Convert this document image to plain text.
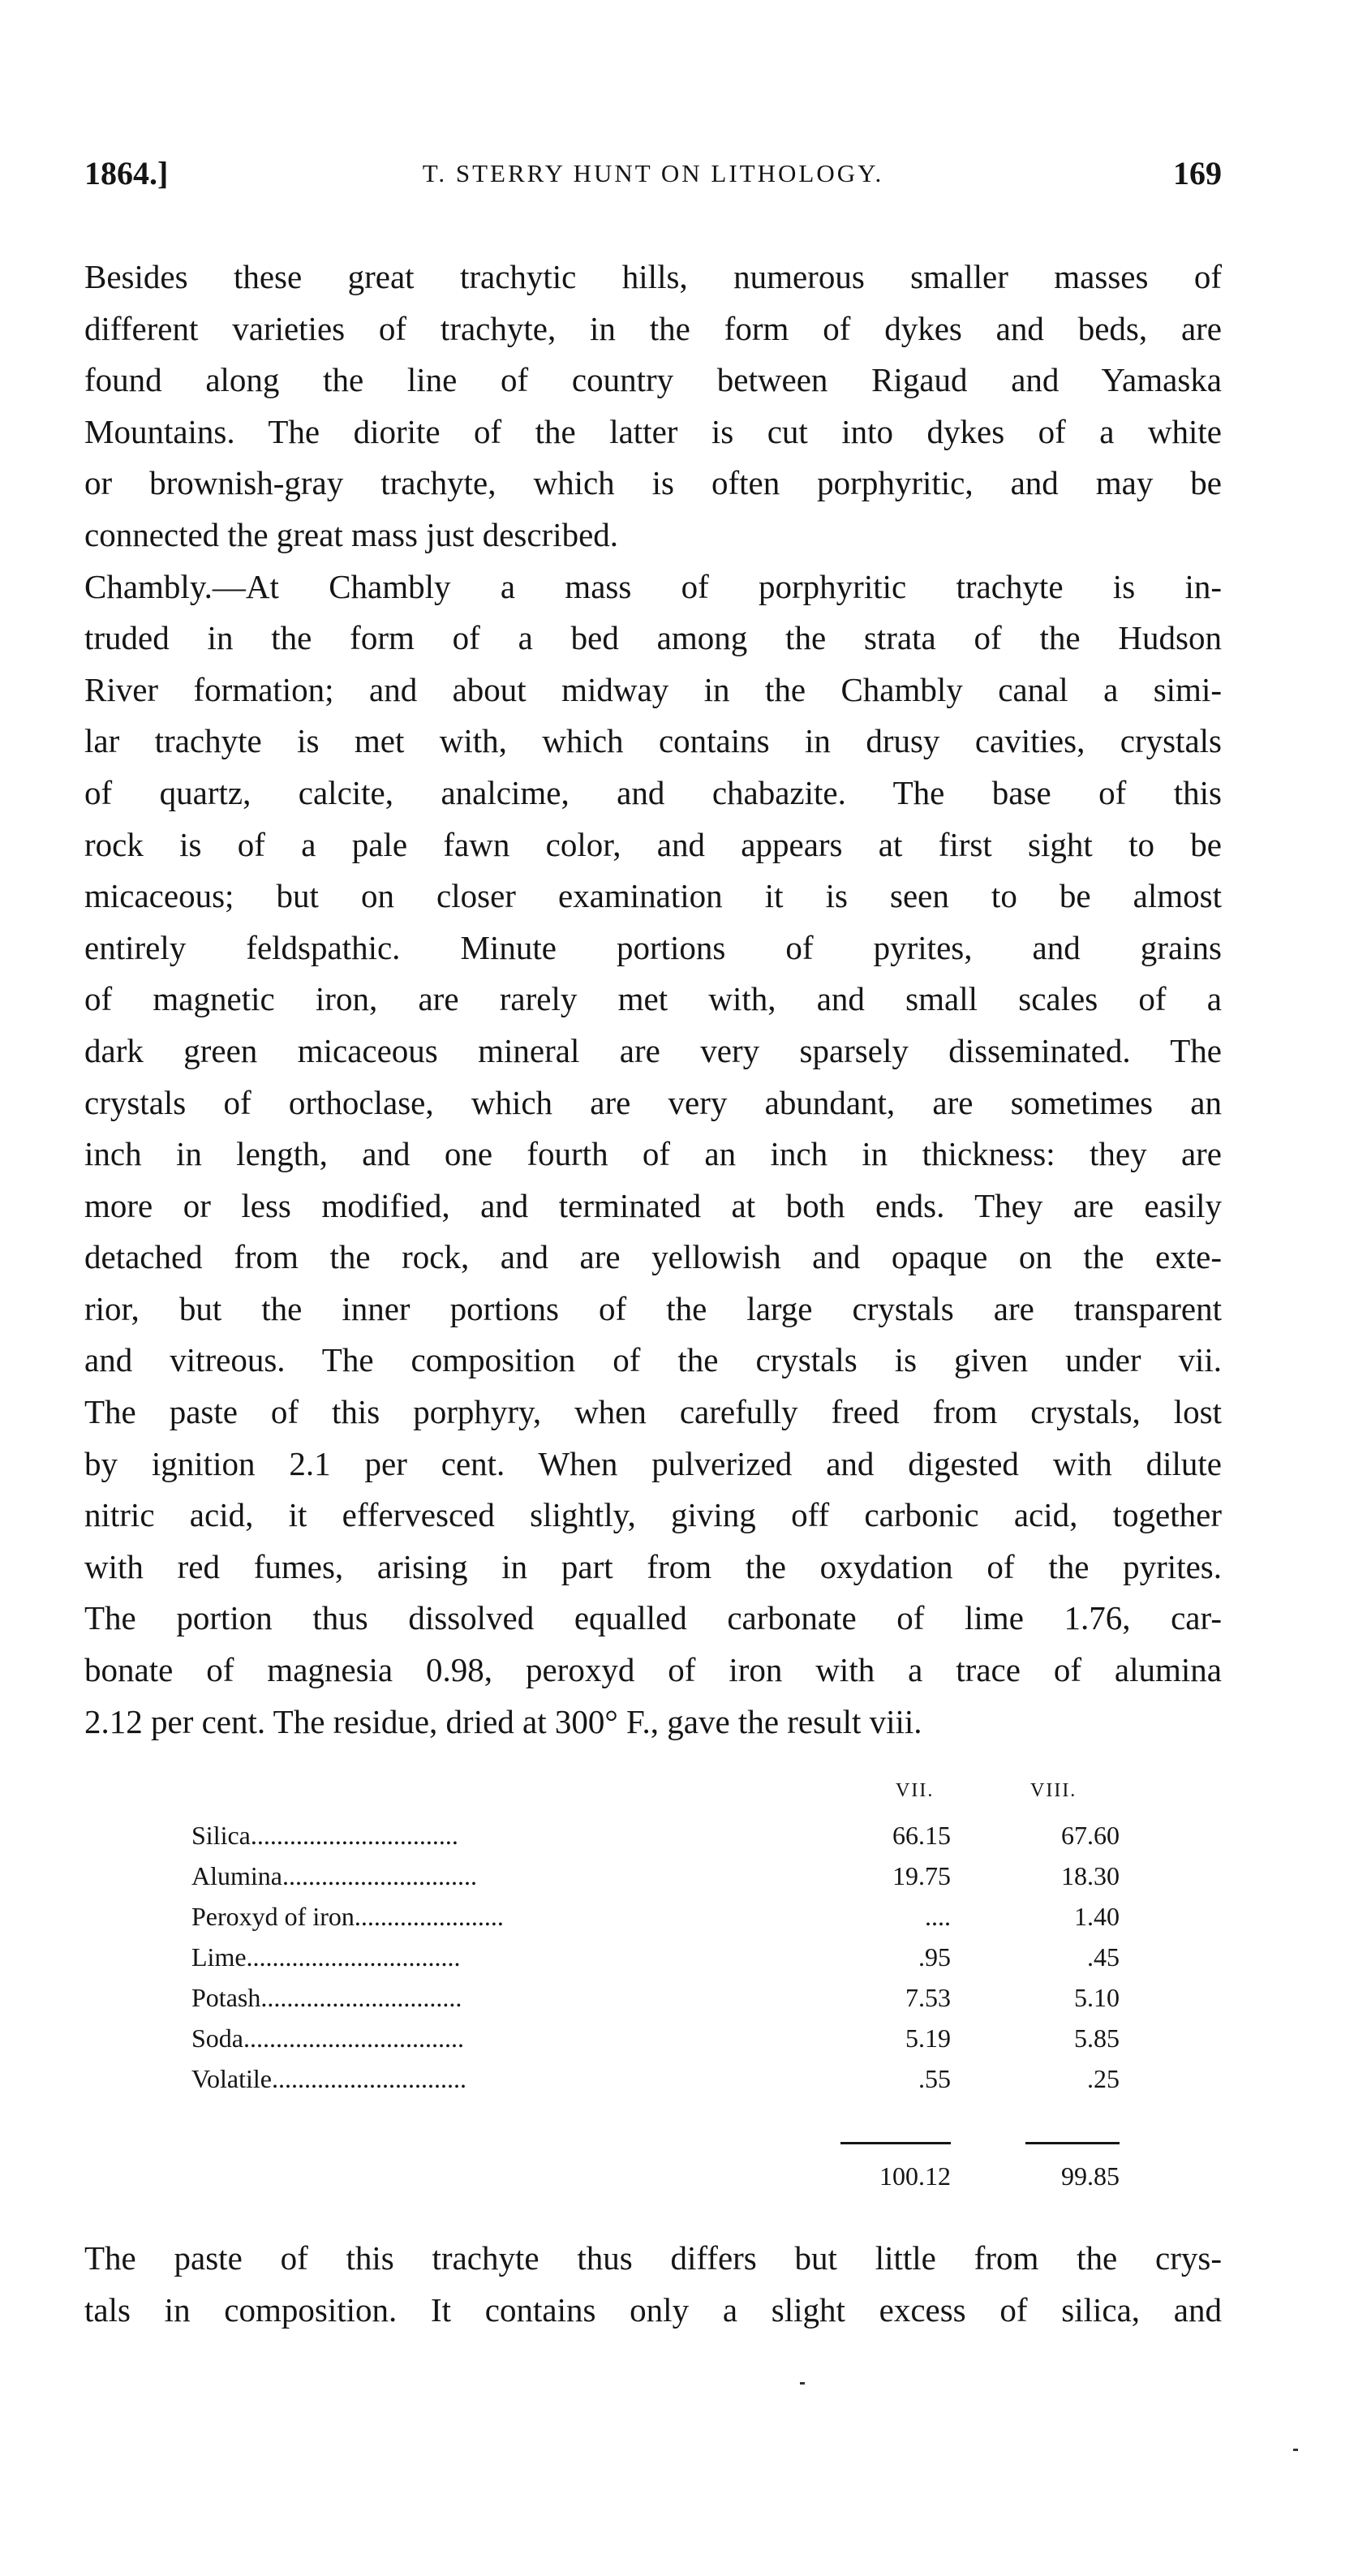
1864.]	T. STERRY HUNT ON LITHOLOGY.	169
Besides these great trachytic hills, numerous smaller masses of
different varieties of trachyte, in the form of dykes and beds, are
found along the line of country between Rigaud and Yamaska
Mountains. The diorite of the latter is cut into dykes of a white
or brownish-gray trachyte, which is often porphyritic, and may be
connected the great mass just described.
Chambly.—At Chambly a mass of porphyritic trachyte is in-
truded in the form of a bed among the strata of the Hudson
River formation; and about midway in the Chambly canal a simi-
lar trachyte is met with, which contains in drusy cavities, crystals
of quartz, calcite, analcime, and chabazite. The base of this
rock is of a pale fawn color, and appears at first sight to be
micaceous; but on closer examination it is seen to be almost
entirely feldspathic. Minute portions of pyrites, and grains
of magnetic iron, are rarely met with, and small scales of a
dark green micaceous mineral are very sparsely disseminated. The
crystals of orthoclase, which are very abundant, are sometimes an
inch in length, and one fourth of an inch in thickness: they are
more or less modified, and terminated at both ends. They are easily
detached from the rock, and are yellowish and opaque on the exte-
rior, but the inner portions of the large crystals are transparent
and vitreous. The composition of the crystals is given under vii.
The paste of this porphyry, when carefully freed from crystals, lost
by ignition 2.1 per cent. When pulverized and digested with dilute
nitric acid, it effervesced slightly, giving off carbonic acid, together
with red fumes, arising in part from the oxydation of the pyrites.
The portion thus dissolved equalled carbonate of lime 1.76, car-
bonate of magnesia 0.98, peroxyd of iron with a trace of alumina
2.12 per cent. The residue, dried at 300° F., gave the result viii.
VII.	VIII.
Silica................................	66.15	67.60
Alumina..............................	19.75	18.30
Peroxyd of iron.......................	....	1.40
Lime.................................	.95	.45
Potash...............................	7.53	5.10
Soda..................................	5.19	5.85
Volatile..............................	.55	.25
100.12	99.85
The paste of this trachyte thus differs but little from the crys-
tals in composition. It contains only a slight excess of silica, and
